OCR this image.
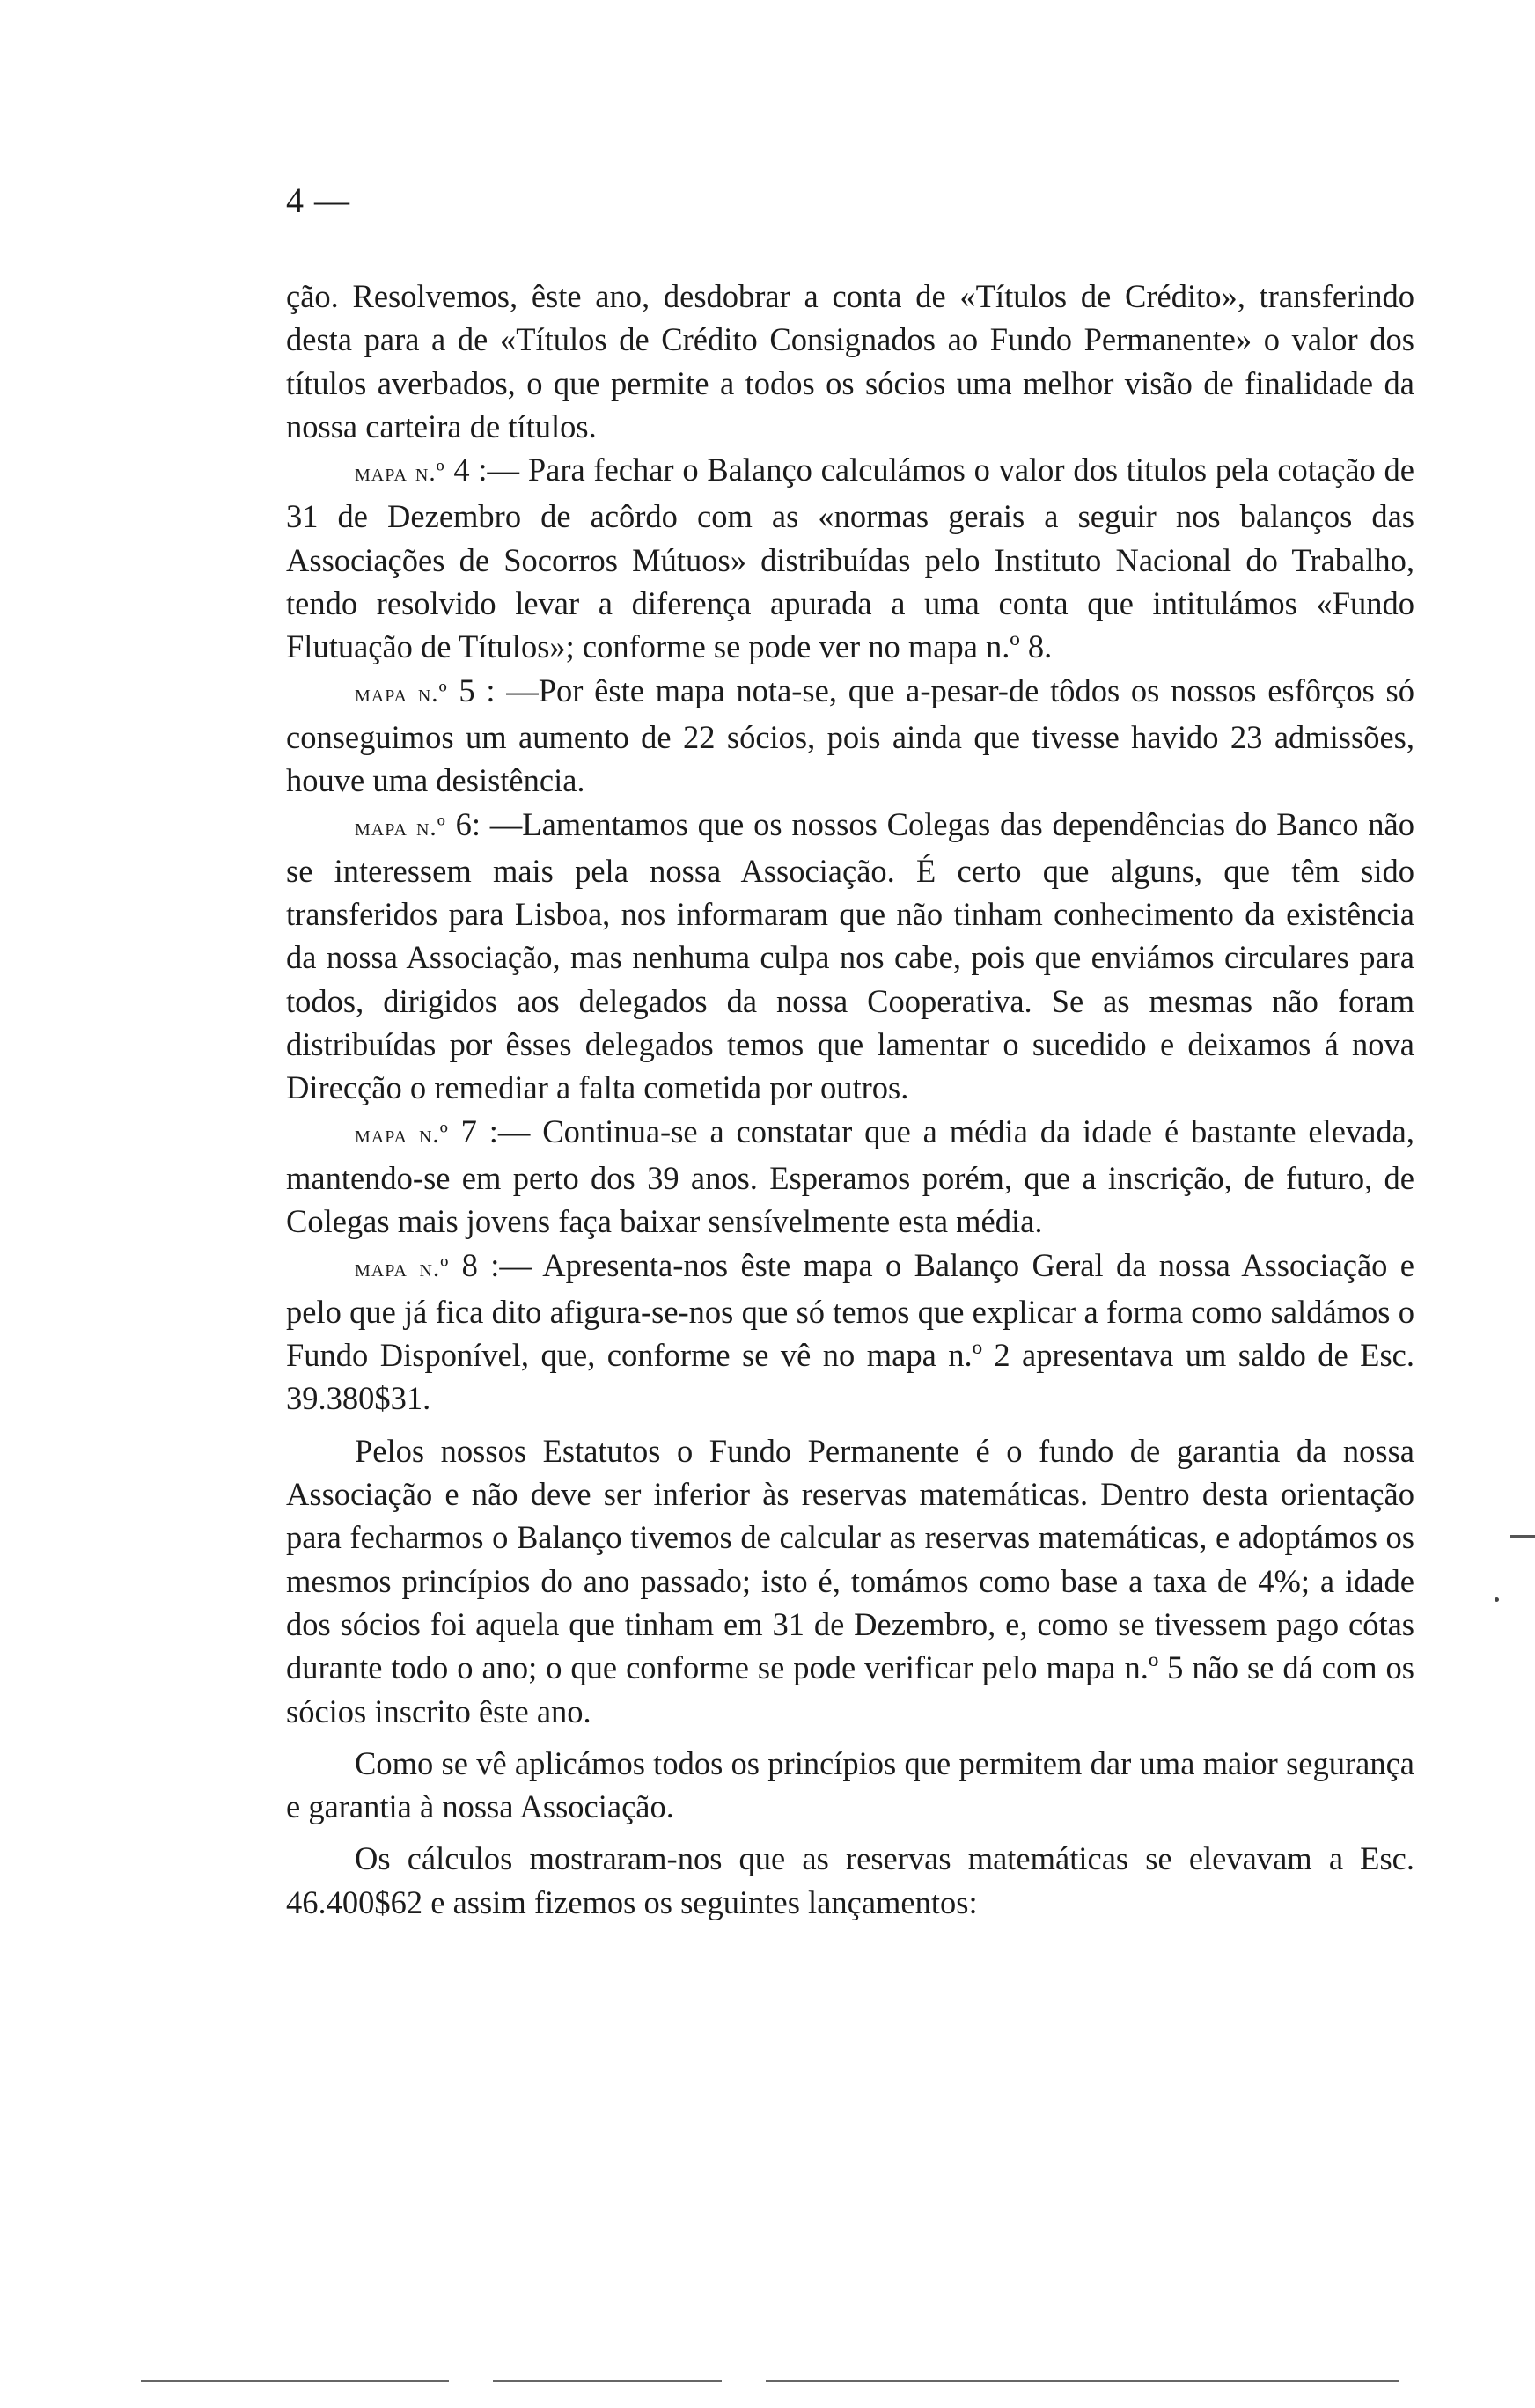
4 —

ção. Resolvemos, êste ano, desdobrar a conta de «Títulos de Crédito», transferindo desta para a de «Títulos de Crédito Consignados ao Fundo Permanente» o valor dos títulos averbados, o que permite a todos os sócios uma melhor visão de finalidade da nossa carteira de títulos.

mapa n.º 4 :— Para fechar o Balanço calculámos o valor dos titulos pela cotação de 31 de Dezembro de acôrdo com as «normas gerais a seguir nos balanços das Associações de Socorros Mútuos» distribuídas pelo Instituto Nacional do Trabalho, tendo resolvido levar a diferença apurada a uma conta que intitulámos «Fundo Flutuação de Títulos»; conforme se pode ver no mapa n.º 8.

mapa n.º 5 : —Por êste mapa nota-se, que a-pesar-de tôdos os nossos esfôrços só conseguimos um aumento de 22 sócios, pois ainda que tivesse havido 23 admissões, houve uma desistência.

mapa n.º 6: —Lamentamos que os nossos Colegas das dependências do Banco não se interessem mais pela nossa Associação. É certo que alguns, que têm sido transferidos para Lisboa, nos informaram que não tinham conhecimento da existência da nossa Associação, mas nenhuma culpa nos cabe, pois que enviámos circulares para todos, dirigidos aos delegados da nossa Cooperativa. Se as mesmas não foram distribuídas por êsses delegados temos que lamentar o sucedido e deixamos á nova Direcção o remediar a falta cometida por outros.

mapa n.º 7 :— Continua-se a constatar que a média da idade é bastante elevada, mantendo-se em perto dos 39 anos. Esperamos porém, que a inscrição, de futuro, de Colegas mais jovens faça baixar sensívelmente esta média.

mapa n.º 8 :— Apresenta-nos êste mapa o Balanço Geral da nossa Associação e pelo que já fica dito afigura-se-nos que só temos que explicar a forma como saldámos o Fundo Disponível, que, conforme se vê no mapa n.º 2 apresentava um saldo de Esc. 39.380$31.

Pelos nossos Estatutos o Fundo Permanente é o fundo de garantia da nossa Associação e não deve ser inferior às reservas matemáticas. Dentro desta orientação para fecharmos o Balanço tivemos de calcular as reservas matemáticas, e adoptámos os mesmos princípios do ano passado; isto é, tomámos como base a taxa de 4%; a idade dos sócios foi aquela que tinham em 31 de Dezembro, e, como se tivessem pago cótas durante todo o ano; o que conforme se pode verificar pelo mapa n.º 5 não se dá com os sócios inscrito êste ano.

Como se vê aplicámos todos os princípios que permitem dar uma maior segurança e garantia à nossa Associação.

Os cálculos mostraram-nos que as reservas matemáticas se elevavam a Esc. 46.400$62 e assim fizemos os seguintes lançamentos:
